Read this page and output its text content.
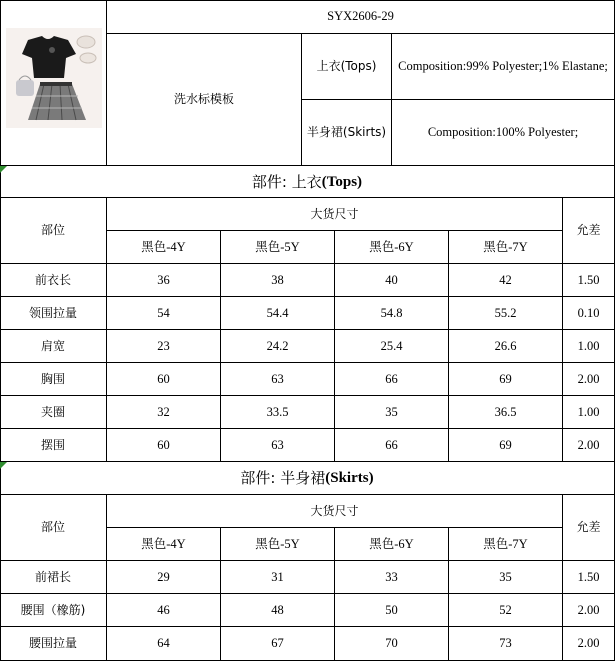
SYX2606-29
洗水标模板
上衣(Tops)	Composition:99% Polyester;1% Elastane;
半身裙(Skirts)	Composition:100% Polyester;
部件: 上衣 (Tops)
部位
大货尺寸
允差
黑色-4Y	黑色-5Y	黑色-6Y	黑色-7Y
前衣长	36	38	40	42	1.50
领围拉量	54	54.4	54.8	55.2	0.10
肩宽	23	24.2	25.4	26.6	1.00
胸围	60	63	66	69	2.00
夹圈	32	33.5	35	36.5	1.00
摆围	60	63	66	69	2.00
部件: 半身裙 (Skirts)
部位
大货尺寸
允差
黑色-4Y	黑色-5Y	黑色-6Y	黑色-7Y
前裙长	29	31	33	35	1.50
腰围（橡筋)	46	48	50	52	2.00
腰围拉量	64	67	70	73	2.00
